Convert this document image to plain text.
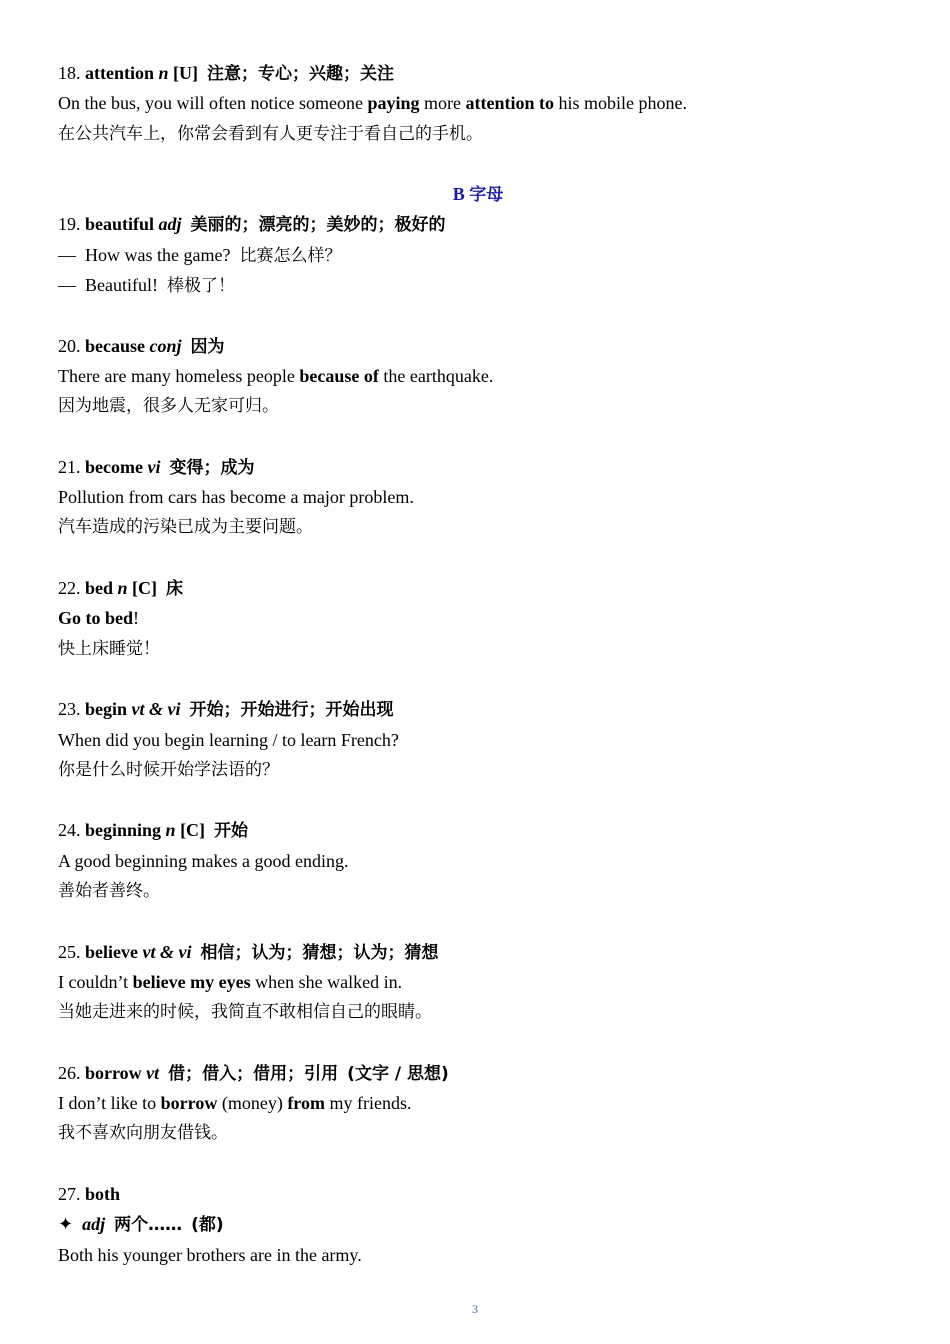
18. attention n [U] 注意；专心；兴趣；关注
On the bus, you will often notice someone paying more attention to his mobile phone.
在公共汽车上，你常会看到有人更专注于看自己的手机。
B 字母
19. beautiful adj 美丽的；漂亮的；美妙的；极好的
— How was the game? 比赛怎么样？
— Beautiful! 棒极了！
20. because conj 因为
There are many homeless people because of the earthquake.
因为地震，很多人无家可归。
21. become vi 变得；成为
Pollution from cars has become a major problem.
汽车造成的污染已成为主要问题。
22. bed n [C] 床
Go to bed!
快上床睡觉！
23. begin vt & vi 开始；开始进行；开始出现
When did you begin learning / to learn French?
你是什么时候开始学法语的？
24. beginning n [C] 开始
A good beginning makes a good ending.
善始者善终。
25. believe vt & vi 相信；认为；猜想；认为；猜想
I couldn’t believe my eyes when she walked in.
当她走进来的时候，我简直不敢相信自己的眼睛。
26. borrow vt 借；借入；借用；引用 (文字 / 思想)
I don’t like to borrow (money) from my friends.
我不喜欢向朋友借钱。
27. both
✦ adj 两个…… (都)
Both his younger brothers are in the army.
3
